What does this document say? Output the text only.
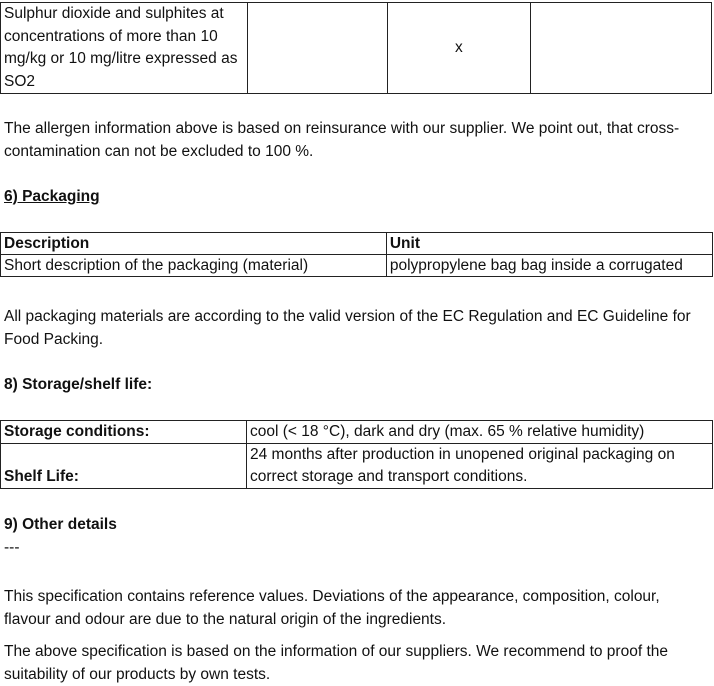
Sulphur dioxide and sulphites at concentrations of more than 10 mg/kg or 10 mg/litre expressed as SO2		x	

The allergen information above is based on reinsurance with our supplier. We point out, that cross-contamination can not be excluded to 100 %.

6) Packaging

Description	Unit
Short description of the packaging (material)	polypropylene bag bag inside a corrugated

All packaging materials are according to the valid version of the EC Regulation and EC Guideline for Food Packing.

8) Storage/shelf life:

Storage conditions:	cool (< 18 °C), dark and dry (max. 65 % relative humidity)
Shelf Life:	24 months after production in unopened original packaging on correct storage and transport conditions.

9) Other details

---

This specification contains reference values. Deviations of the appearance, composition, colour, flavour and odour are due to the natural origin of the ingredients.

The above specification is based on the information of our suppliers. We recommend to proof the suitability of our products by own tests.
